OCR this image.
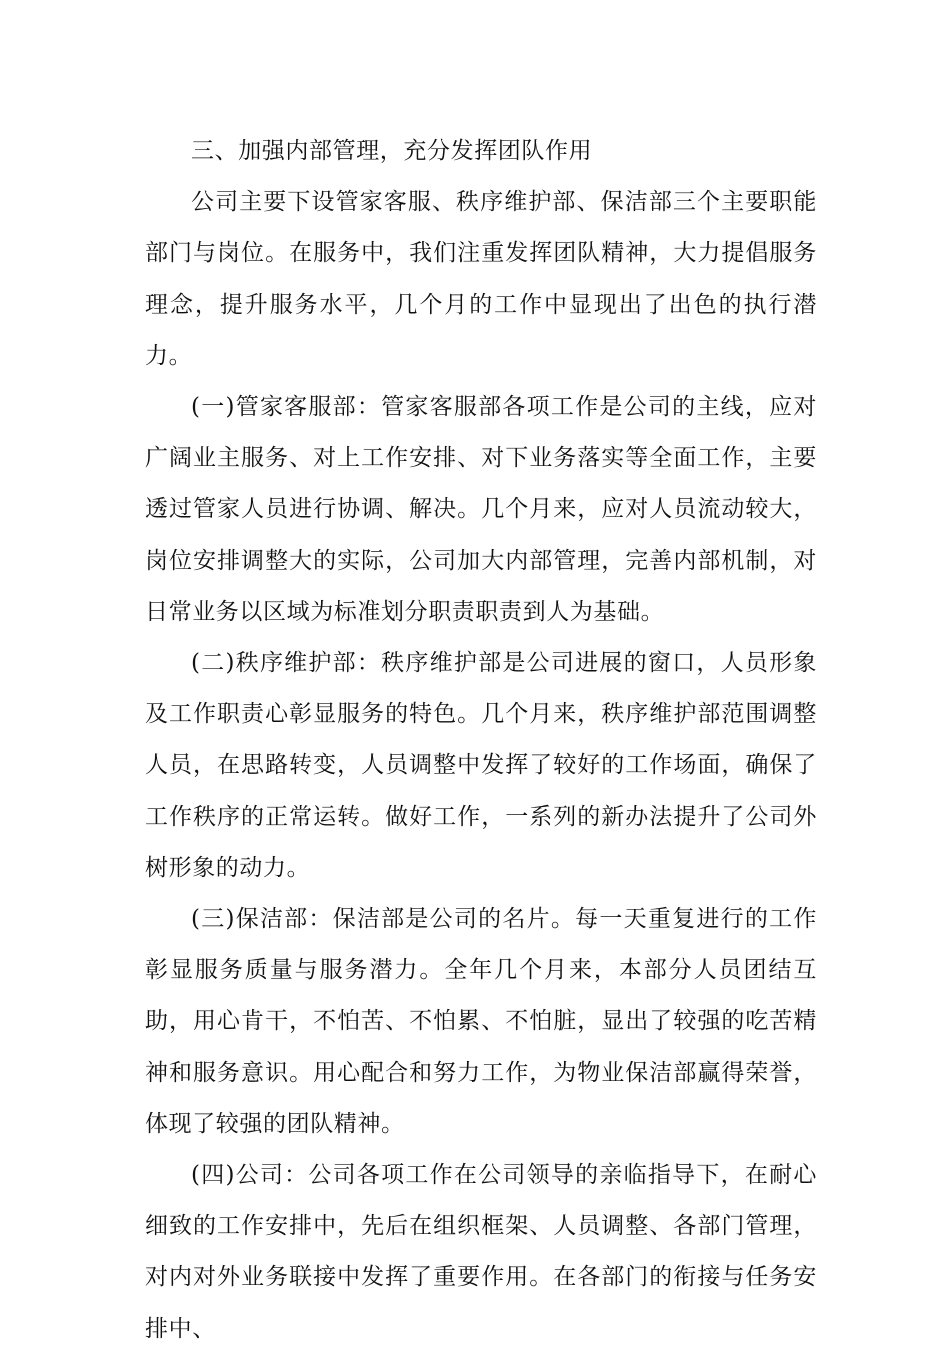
三、加强内部管理，充分发挥团队作用

公司主要下设管家客服、秩序维护部、保洁部三个主要职能部门与岗位。在服务中，我们注重发挥团队精神，大力提倡服务理念，提升服务水平，几个月的工作中显现出了出色的执行潜力。

(一)管家客服部：管家客服部各项工作是公司的主线，应对广阔业主服务、对上工作安排、对下业务落实等全面工作，主要透过管家人员进行协调、解决。几个月来，应对人员流动较大，岗位安排调整大的实际，公司加大内部管理，完善内部机制，对日常业务以区域为标准划分职责职责到人为基础。

(二)秩序维护部：秩序维护部是公司进展的窗口，人员形象及工作职责心彰显服务的特色。几个月来，秩序维护部范围调整人员，在思路转变，人员调整中发挥了较好的工作场面，确保了工作秩序的正常运转。做好工作，一系列的新办法提升了公司外树形象的动力。

(三)保洁部：保洁部是公司的名片。每一天重复进行的工作彰显服务质量与服务潜力。全年几个月来，本部分人员团结互助，用心肯干，不怕苦、不怕累、不怕脏，显出了较强的吃苦精神和服务意识。用心配合和努力工作，为物业保洁部赢得荣誉，体现了较强的团队精神。

(四)公司：公司各项工作在公司领导的亲临指导下，在耐心细致的工作安排中，先后在组织框架、人员调整、各部门管理，对内对外业务联接中发挥了重要作用。在各部门的衔接与任务安排中、
